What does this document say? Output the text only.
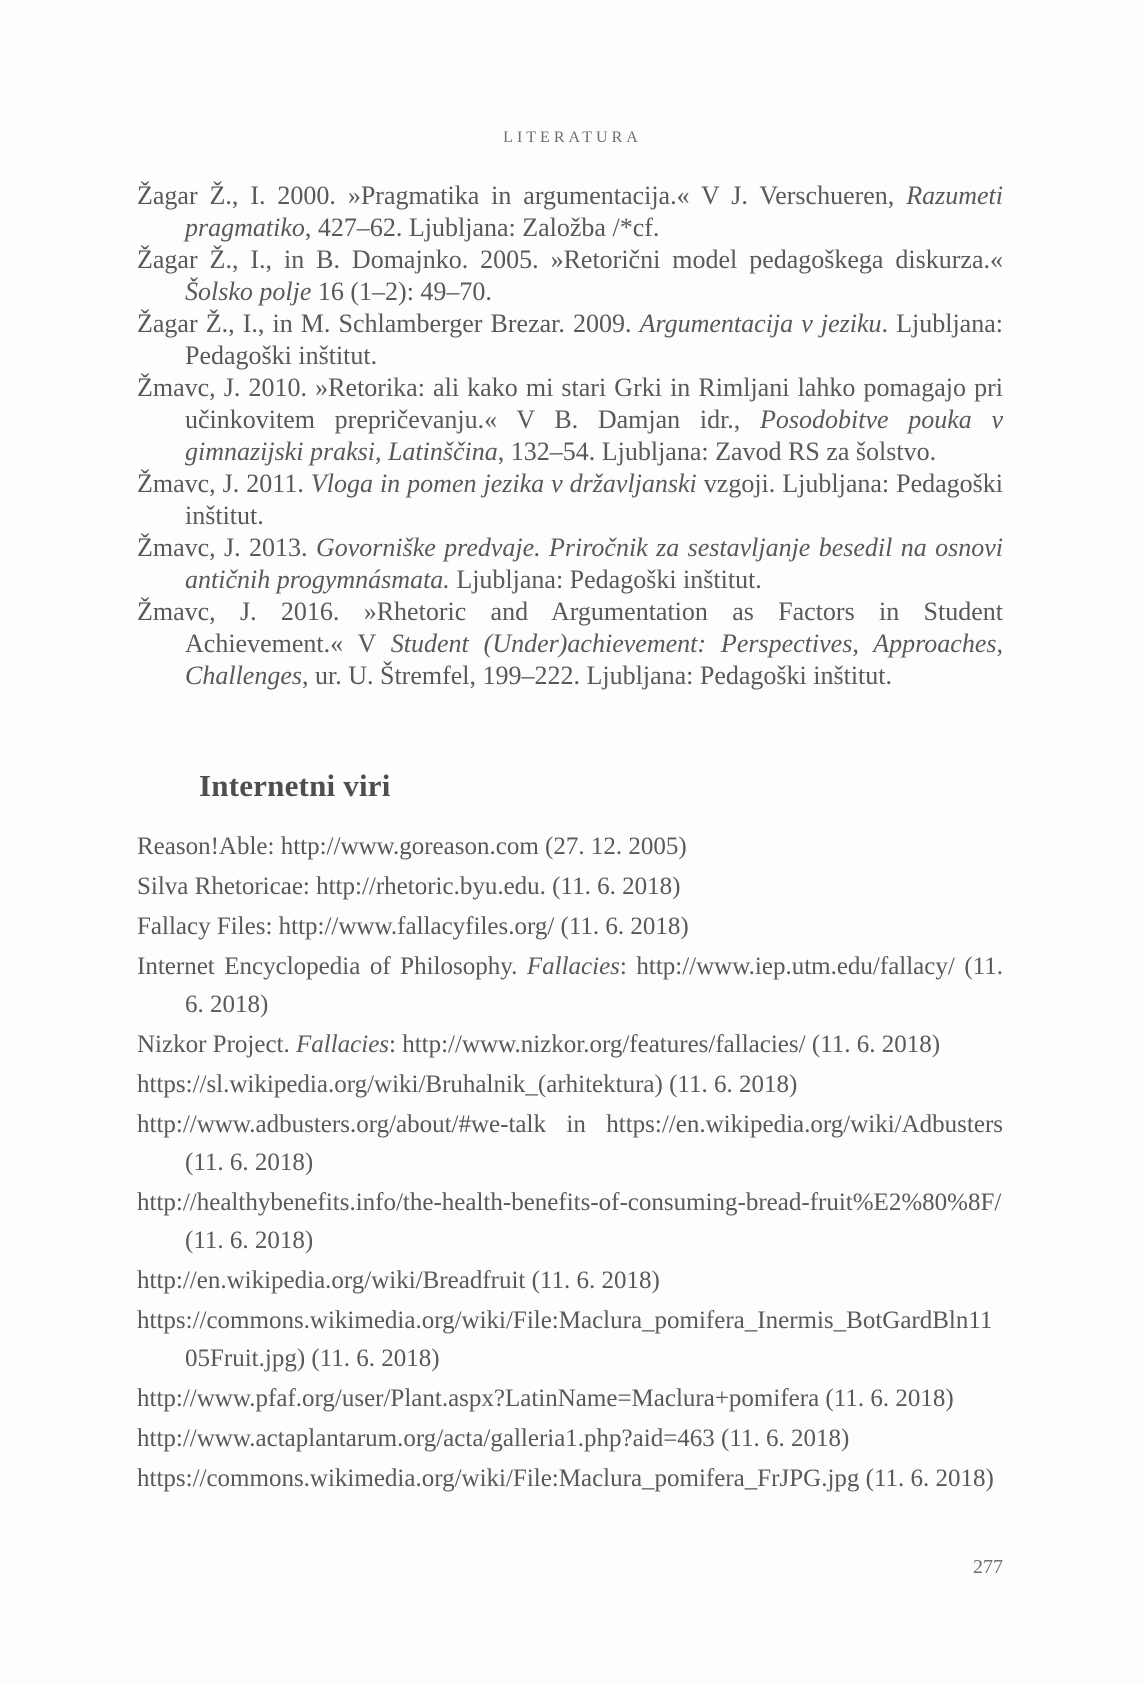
LITERATURA

Žagar Ž., I. 2000. »Pragmatika in argumentacija.« V J. Verschueren, Razumeti pragmatiko, 427–62. Ljubljana: Založba /*cf.

Žagar Ž., I., in B. Domajnko. 2005. »Retorični model pedagoškega diskurza.« Šolsko polje 16 (1–2): 49–70.

Žagar Ž., I., in M. Schlamberger Brezar. 2009. Argumentacija v jeziku. Ljubljana: Pedagoški inštitut.

Žmavc, J. 2010. »Retorika: ali kako mi stari Grki in Rimljani lahko pomagajo pri učinkovitem prepričevanju.« V B. Damjan idr., Posodobitve pouka v gimnazijski praksi, Latinščina, 132–54. Ljubljana: Zavod RS za šolstvo.

Žmavc, J. 2011. Vloga in pomen jezika v državljanski vzgoji. Ljubljana: Pedagoški inštitut.

Žmavc, J. 2013. Govorniške predvaje. Priročnik za sestavljanje besedil na osnovi antičnih progymnásmata. Ljubljana: Pedagoški inštitut.

Žmavc, J. 2016. »Rhetoric and Argumentation as Factors in Student Achievement.« V Student (Under)achievement: Perspectives, Approaches, Challenges, ur. U. Štremfel, 199–222. Ljubljana: Pedagoški inštitut.

Internetni viri

Reason!Able: http://www.goreason.com (27. 12. 2005)

Silva Rhetoricae: http://rhetoric.byu.edu. (11. 6. 2018)

Fallacy Files: http://www.fallacyfiles.org/ (11. 6. 2018)

Internet Encyclopedia of Philosophy. Fallacies: http://www.iep.utm.edu/fallacy/ (11. 6. 2018)

Nizkor Project. Fallacies: http://www.nizkor.org/features/fallacies/ (11. 6. 2018)

https://sl.wikipedia.org/wiki/Bruhalnik_(arhitektura) (11. 6. 2018)

http://www.adbusters.org/about/#we-talk in https://en.wikipedia.org/wiki/Adbusters (11. 6. 2018)

http://healthybenefits.info/the-health-benefits-of-consuming-bread-fruit%E2%80%8F/ (11. 6. 2018)

http://en.wikipedia.org/wiki/Breadfruit (11. 6. 2018)

https://commons.wikimedia.org/wiki/File:Maclura_pomifera_Inermis_BotGardBln1105Fruit.jpg) (11. 6. 2018)

http://www.pfaf.org/user/Plant.aspx?LatinName=Maclura+pomifera (11. 6. 2018)

http://www.actaplantarum.org/acta/galleria1.php?aid=463 (11. 6. 2018)

https://commons.wikimedia.org/wiki/File:Maclura_pomifera_FrJPG.jpg (11. 6. 2018)

277
